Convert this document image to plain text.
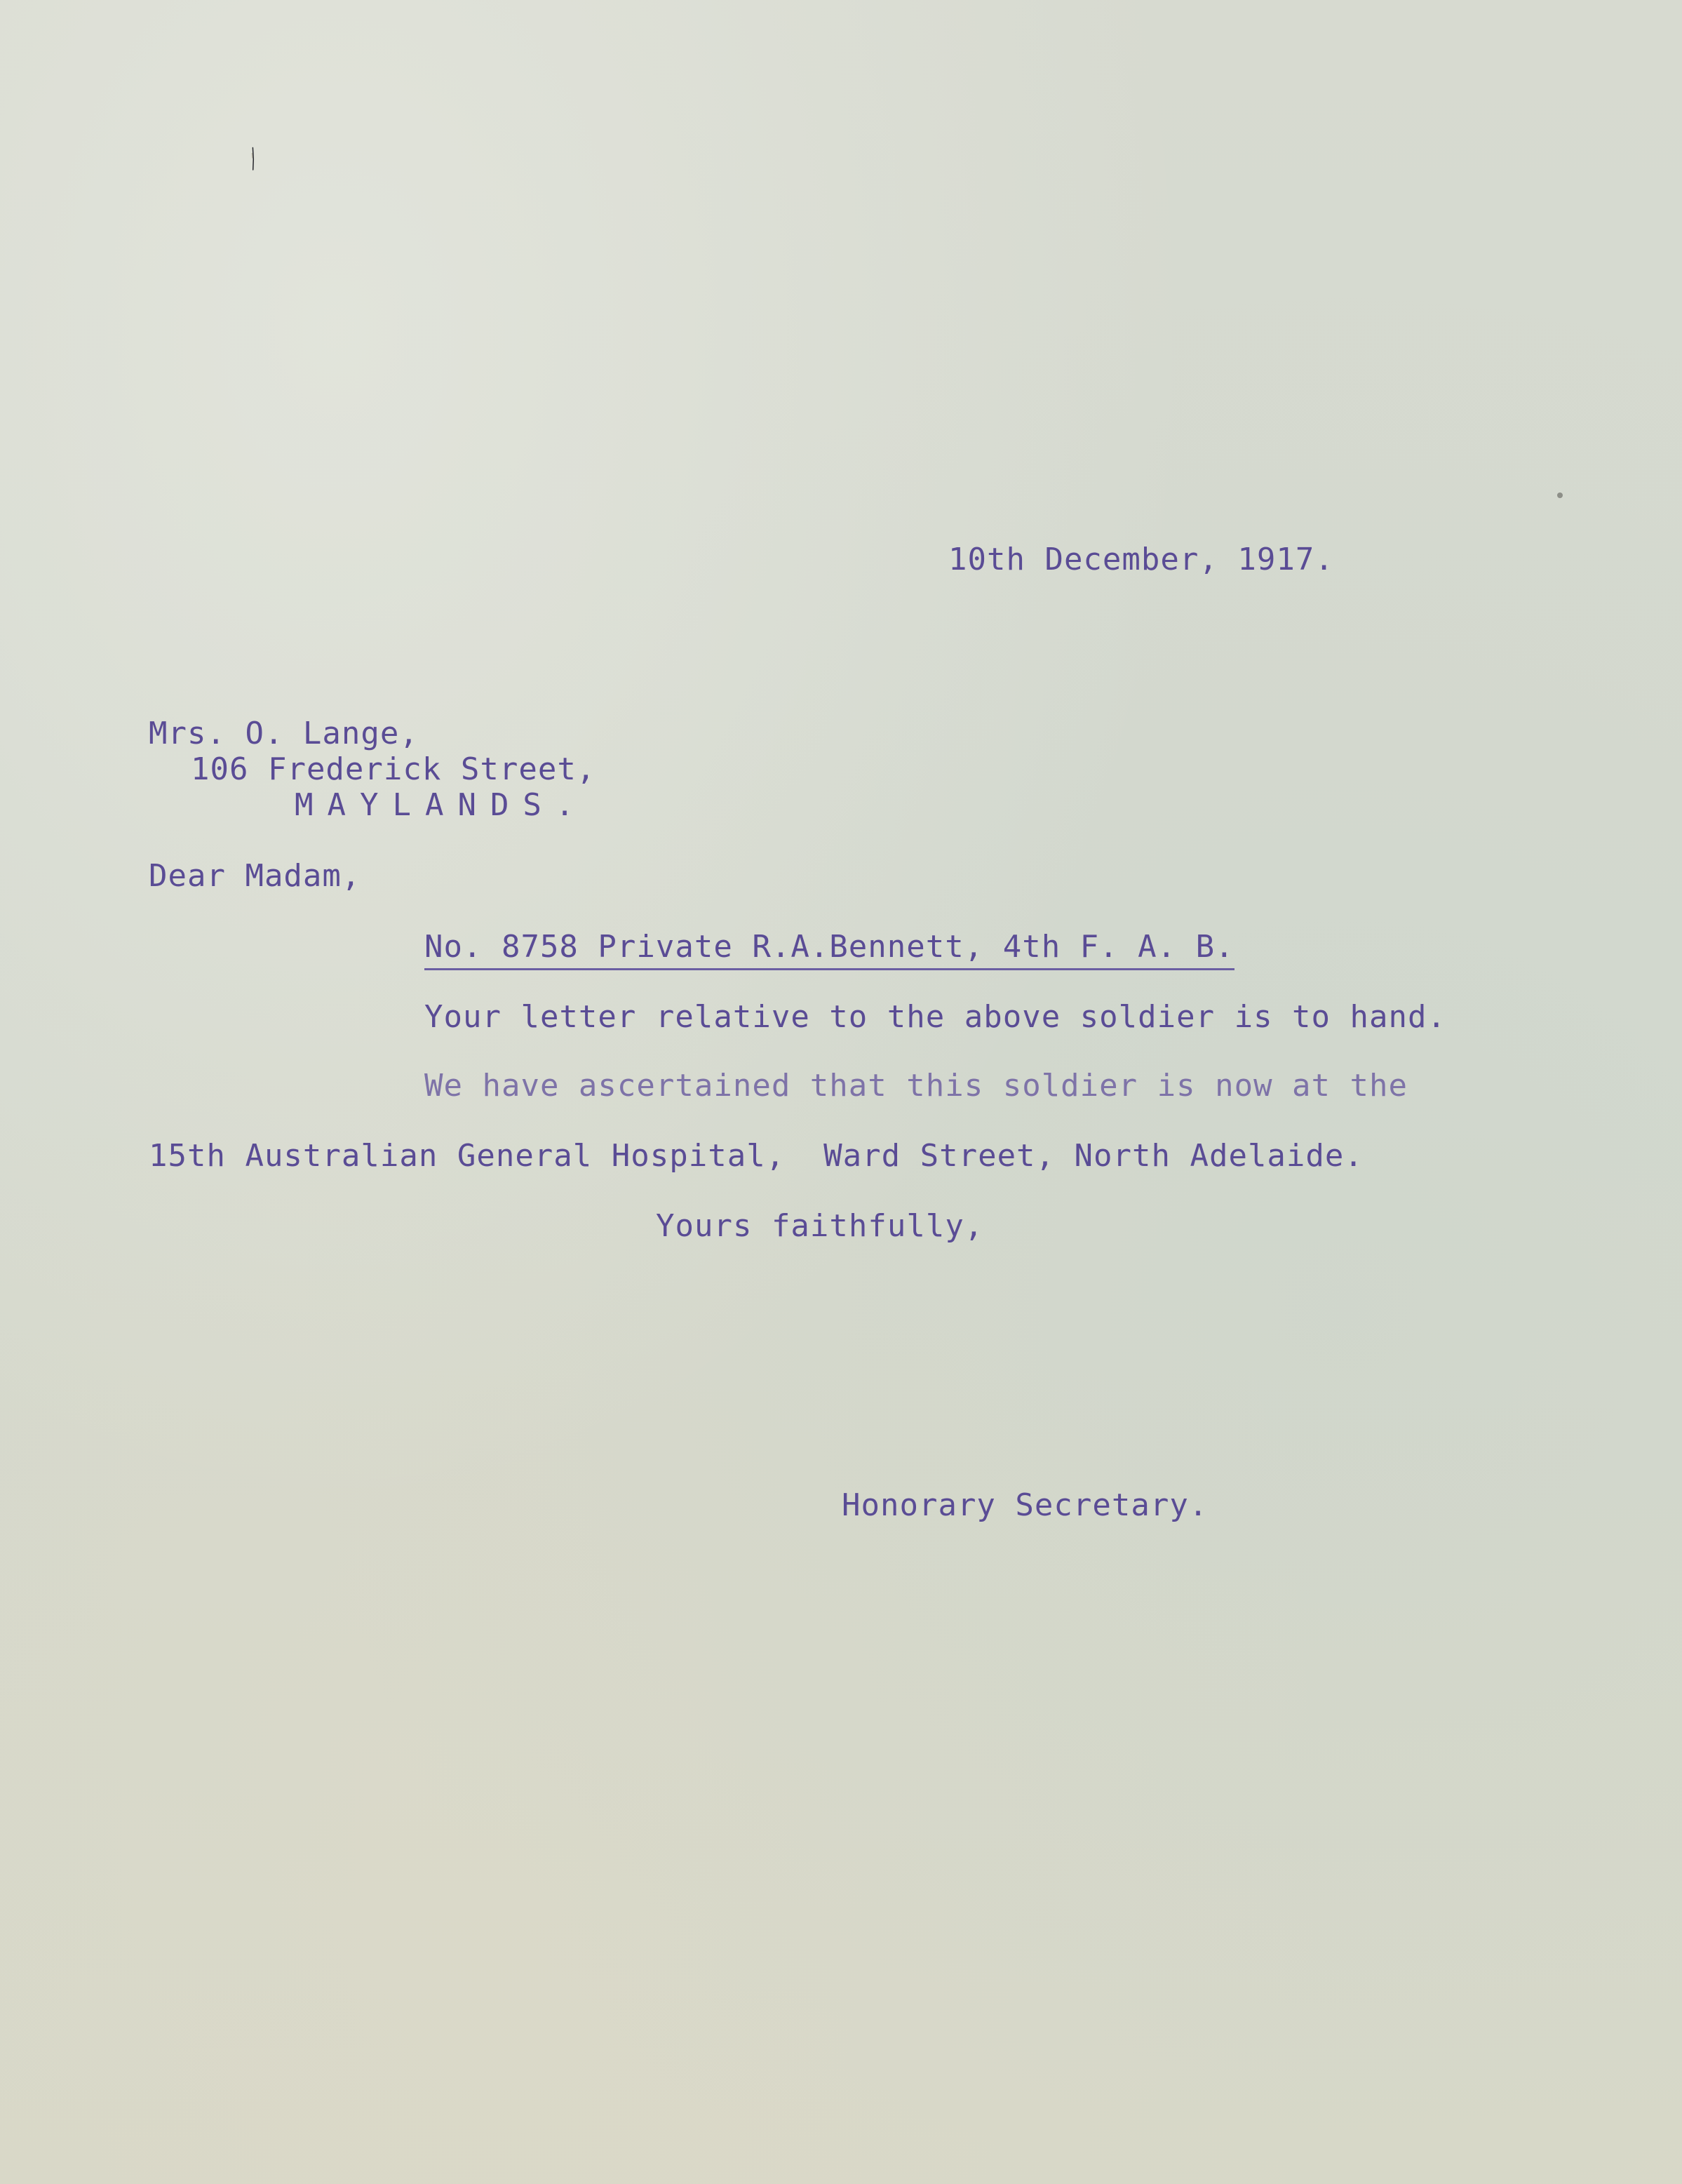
10th December, 1917.
Mrs. O. Lange,
106 Frederick Street,
MAYLANDS.
Dear Madam,
No. 8758 Private R.A.Bennett, 4th F. A. B.
Your letter relative to the above soldier is to hand.
We have ascertained that this soldier is now at the
15th Australian General Hospital,  Ward Street, North Adelaide.
Yours faithfully,
Honorary Secretary.
